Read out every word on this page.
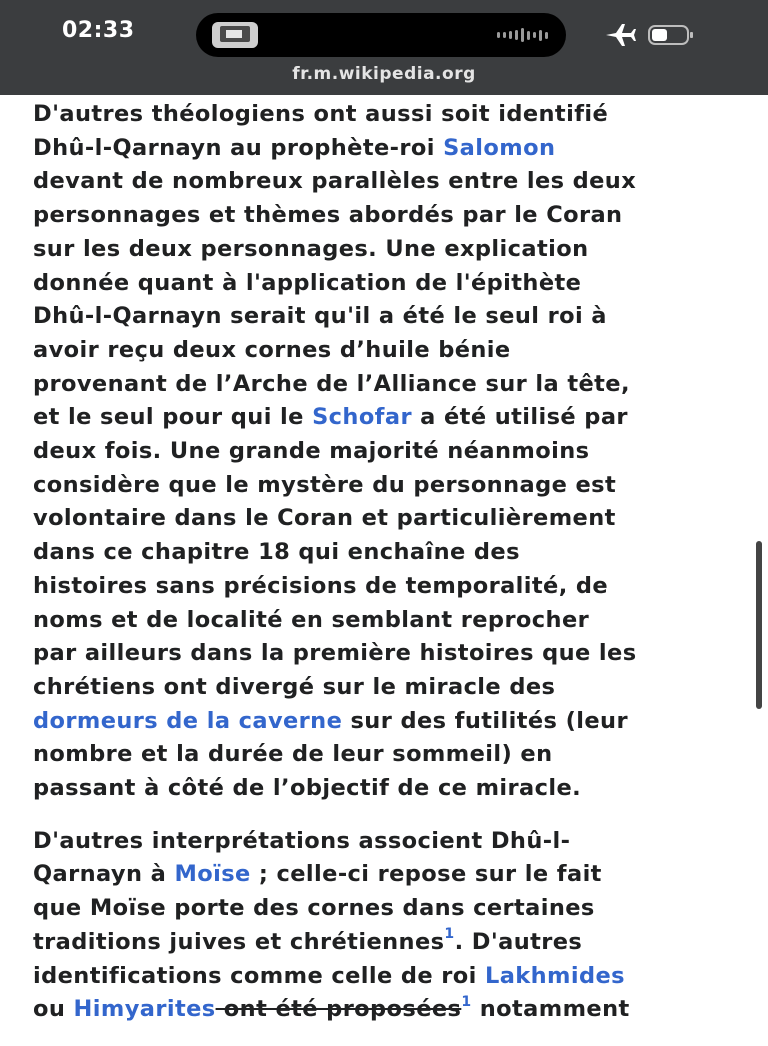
02:33
fr.m.wikipedia.org

D'autres théologiens ont aussi soit identifié
Dhû-l-Qarnayn au prophète-roi Salomon
devant de nombreux parallèles entre les deux
personnages et thèmes abordés par le Coran
sur les deux personnages. Une explication
donnée quant à l'application de l'épithète
Dhû-l-Qarnayn serait qu'il a été le seul roi à
avoir reçu deux cornes d’huile bénie
provenant de l’Arche de l’Alliance sur la tête,
et le seul pour qui le Schofar a été utilisé par
deux fois. Une grande majorité néanmoins
considère que le mystère du personnage est
volontaire dans le Coran et particulièrement
dans ce chapitre 18 qui enchaîne des
histoires sans précisions de temporalité, de
noms et de localité en semblant reprocher
par ailleurs dans la première histoires que les
chrétiens ont divergé sur le miracle des
dormeurs de la caverne sur des futilités (leur
nombre et la durée de leur sommeil) en
passant à côté de l’objectif de ce miracle.

D'autres interprétations associent Dhû-l-
Qarnayn à Moïse ; celle-ci repose sur le fait
que Moïse porte des cornes dans certaines
traditions juives et chrétiennes$^1$. D'autres
identifications comme celle de roi Lakhmides
ou Himyarites ont été proposées$^1$ notamment
